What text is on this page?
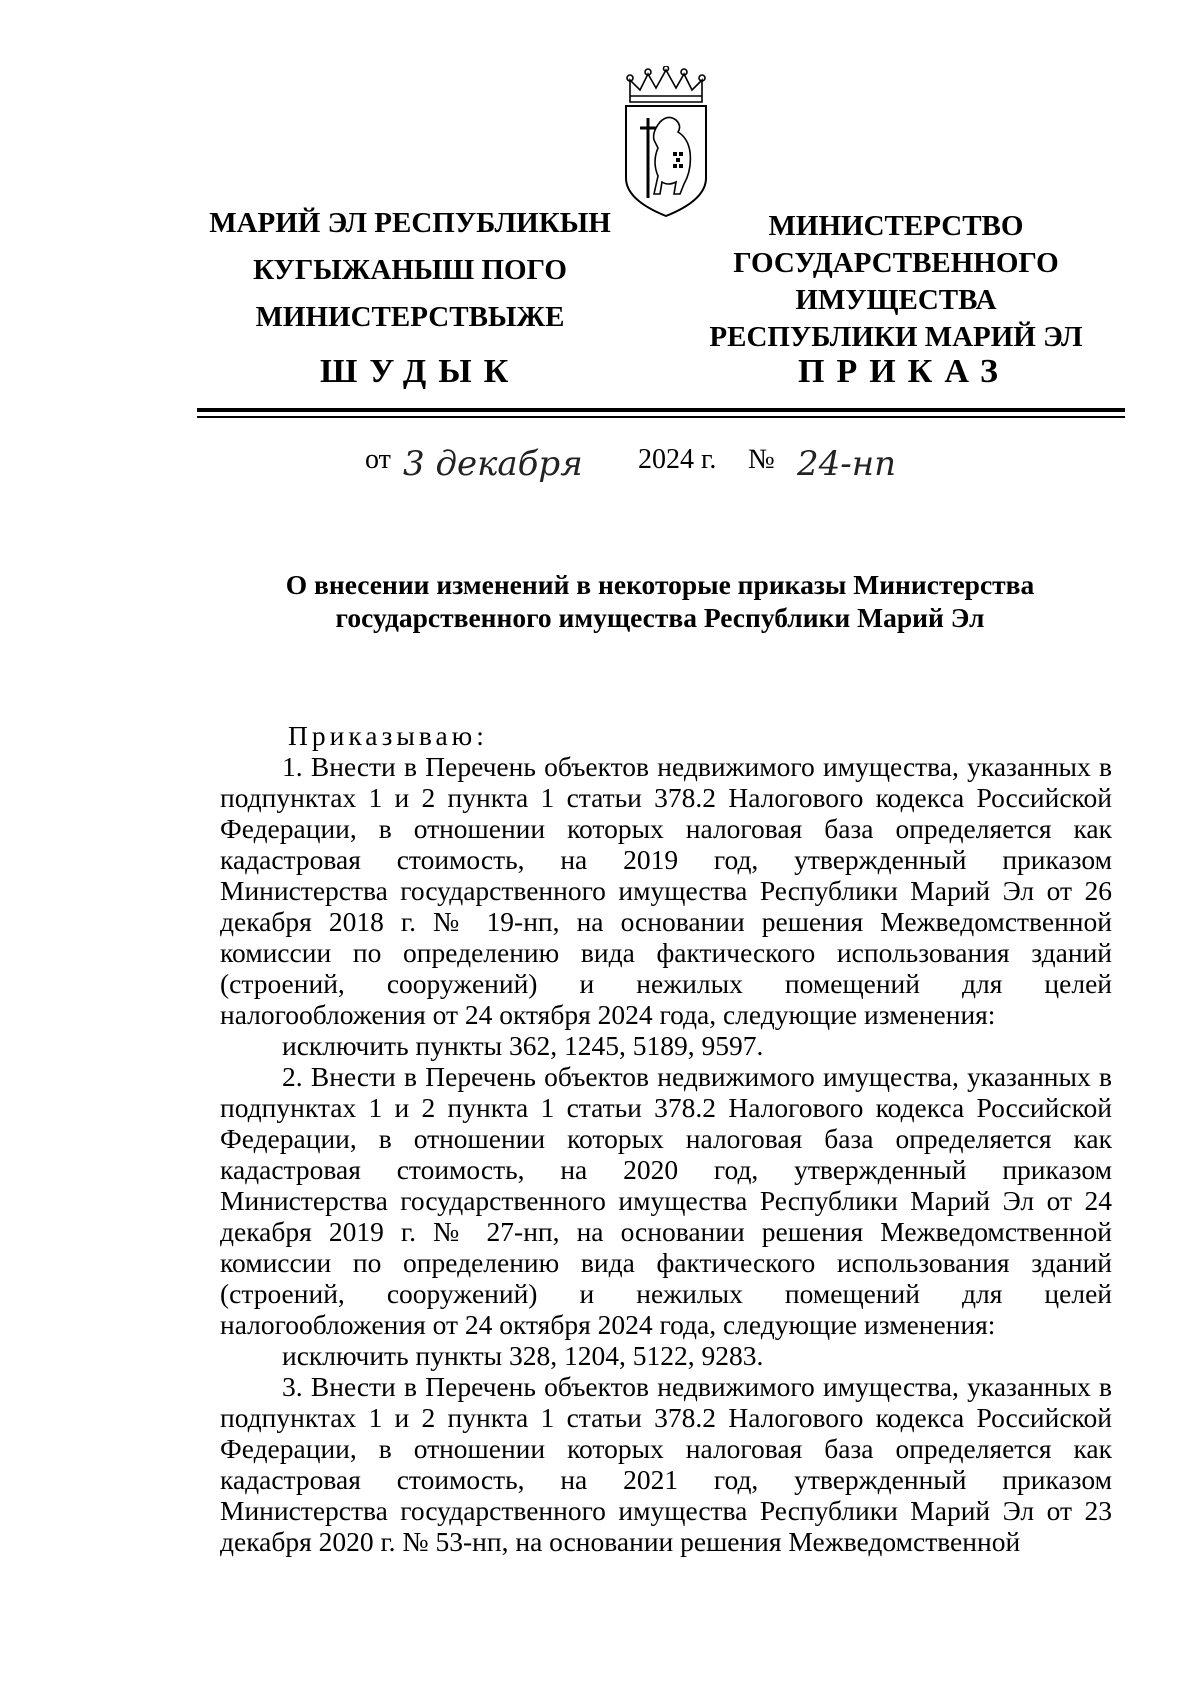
МАРИЙ ЭЛ РЕСПУБЛИКЫН
КУГЫЖАНЫШ ПОГО
МИНИСТЕРСТВЫЖЕ
МИНИСТЕРСТВО
ГОСУДАРСТВЕННОГО
ИМУЩЕСТВА
РЕСПУБЛИКИ МАРИЙ ЭЛ
ШУДЫК	ПРИКАЗ
от 3 декабря 2024 г. № 24-нп
О внесении изменений в некоторые приказы Министерства
государственного имущества Республики Марий Эл

Приказываю:

1. Внести в Перечень объектов недвижимого имущества, указанных в подпунктах 1 и 2 пункта 1 статьи 378.2 Налогового кодекса Российской Федерации, в отношении которых налоговая база определяется как кадастровая стоимость, на 2019 год, утвержденный приказом Министерства государственного имущества Республики Марий Эл от 26 декабря 2018 г. № 19-нп, на основании решения Межведомственной комиссии по определению вида фактического использования зданий (строений, сооружений) и нежилых помещений для целей налогообложения от 24 октября 2024 года, следующие изменения:

исключить пункты 362, 1245, 5189, 9597.

2. Внести в Перечень объектов недвижимого имущества, указанных в подпунктах 1 и 2 пункта 1 статьи 378.2 Налогового кодекса Российской Федерации, в отношении которых налоговая база определяется как кадастровая стоимость, на 2020 год, утвержденный приказом Министерства государственного имущества Республики Марий Эл от 24 декабря 2019 г. № 27-нп, на основании решения Межведомственной комиссии по определению вида фактического использования зданий (строений, сооружений) и нежилых помещений для целей налогообложения от 24 октября 2024 года, следующие изменения:

исключить пункты 328, 1204, 5122, 9283.

3. Внести в Перечень объектов недвижимого имущества, указанных в подпунктах 1 и 2 пункта 1 статьи 378.2 Налогового кодекса Российской Федерации, в отношении которых налоговая база определяется как кадастровая стоимость, на 2021 год, утвержденный приказом Министерства государственного имущества Республики Марий Эл от 23 декабря 2020 г. № 53-нп, на основании решения Межведомственной
